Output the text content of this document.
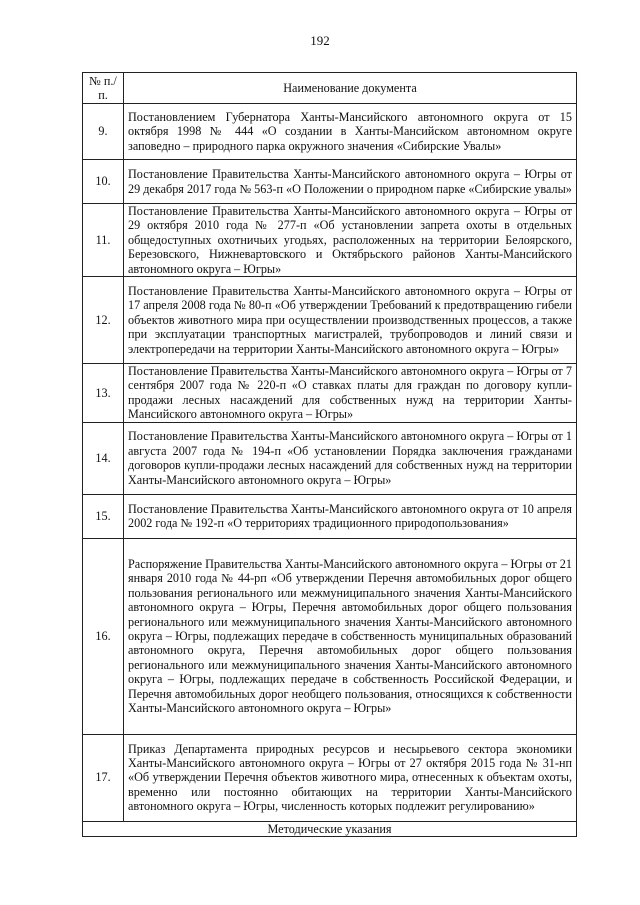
192
№ п./п.	Наименование документа
9.	Постановлением Губернатора Ханты-Мансийского автономного округа от 15 октября 1998 № 444 «О создании в Ханты-Мансийском автономном округе заповедно – природного парка окружного значения «Сибирские Увалы»
10.	Постановление Правительства Ханты-Мансийского автономного округа – Югры от 29 декабря 2017 года № 563-п «О Положении о природном парке «Сибирские увалы»
11.	Постановление Правительства Ханты-Мансийского автономного округа – Югры от 29 октября 2010 года № 277-п «Об установлении запрета охоты в отдельных общедоступных охотничьих угодьях, расположенных на территории Белоярского, Березовского, Нижневартовского и Октябрьского районов Ханты-Мансийского автономного округа – Югры»
12.	Постановление Правительства Ханты-Мансийского автономного округа – Югры от 17 апреля 2008 года № 80-п «Об утверждении Требований к предотвращению гибели объектов животного мира при осуществлении производственных процессов, а также при эксплуатации транспортных магистралей, трубопроводов и линий связи и электропередачи на территории Ханты-Мансийского автономного округа – Югры»
13.	Постановление Правительства Ханты-Мансийского автономного округа – Югры от 7 сентября 2007 года № 220-п «О ставках платы для граждан по договору купли-продажи лесных насаждений для собственных нужд на территории Ханты-Мансийского автономного округа – Югры»
14.	Постановление Правительства Ханты-Мансийского автономного округа – Югры от 1 августа 2007 года № 194-п «Об установлении Порядка заключения гражданами договоров купли-продажи лесных насаждений для собственных нужд на территории Ханты-Мансийского автономного округа – Югры»
15.	Постановление Правительства Ханты-Мансийского автономного округа от 10 апреля 2002 года № 192-п «О территориях традиционного природопользования»
16.	Распоряжение Правительства Ханты-Мансийского автономного округа – Югры от 21 января 2010 года № 44-рп «Об утверждении Перечня автомобильных дорог общего пользования регионального или межмуниципального значения Ханты-Мансийского автономного округа – Югры, Перечня автомобильных дорог общего пользования регионального или межмуниципального значения Ханты-Мансийского автономного округа – Югры, подлежащих передаче в собственность муниципальных образований автономного округа, Перечня автомобильных дорог общего пользования регионального или межмуниципального значения Ханты-Мансийского автономного округа – Югры, подлежащих передаче в собственность Российской Федерации, и Перечня автомобильных дорог необщего пользования, относящихся к собственности Ханты-Мансийского автономного округа – Югры»
17.	Приказ Департамента природных ресурсов и несырьевого сектора экономики Ханты-Мансийского автономного округа – Югры от 27 октября 2015 года № 31-нп «Об утверждении Перечня объектов животного мира, отнесенных к объектам охоты, временно или постоянно обитающих на территории Ханты-Мансийского автономного округа – Югры, численность которых подлежит регулированию»
Методические указания	
